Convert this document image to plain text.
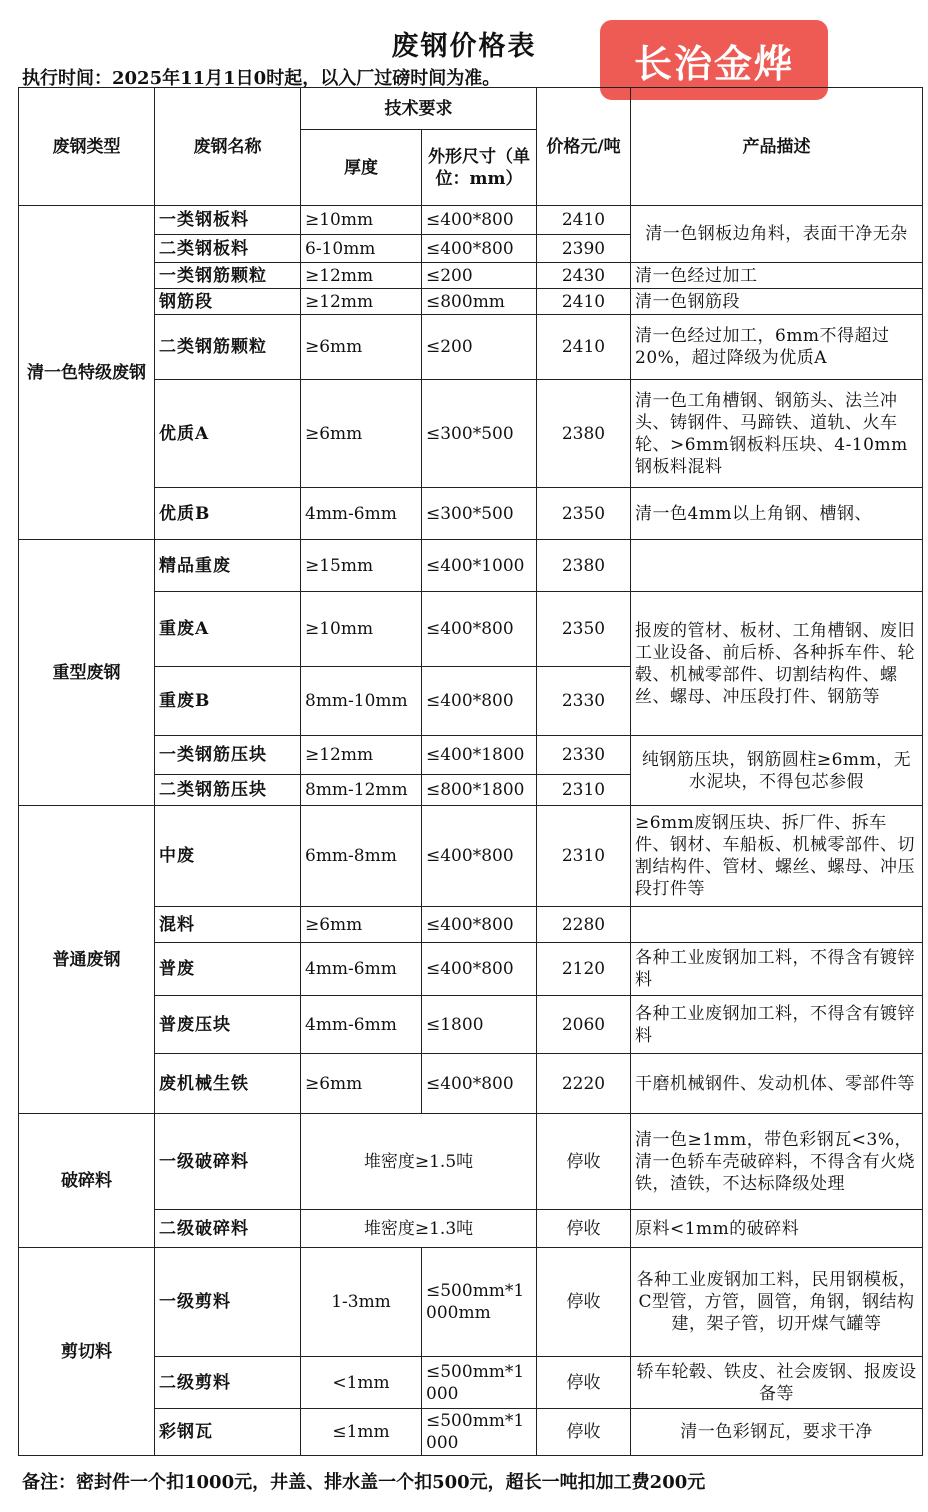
废钢价格表
执行时间：2025年11月1日0时起，以入厂过磅时间为准。	长治金烨
废钢类型	废钢名称	技术要求		价格元/吨	产品描述
		厚度	外形尺寸（单位：mm）		
清一色特级废钢	一类钢板料	≥10mm	≤400*800	2410	清一色钢板边角料，表面干净无杂
	二类钢板料	6-10mm	≤400*800	2390	
	一类钢筋颗粒	≥12mm	≤200	2430	清一色经过加工
	钢筋段	≥12mm	≤800mm	2410	清一色钢筋段
	二类钢筋颗粒	≥6mm	≤200	2410	清一色经过加工，6mm不得超过20%，超过降级为优质A
	优质A	≥6mm	≤300*500	2380	清一色工角槽钢、钢筋头、法兰冲头、铸钢件、马蹄铁、道轨、火车轮、>6mm钢板料压块、4-10mm钢板料混料
	优质B	4mm-6mm	≤300*500	2350	清一色4mm以上角钢、槽钢、
重型废钢	精品重废	≥15mm	≤400*1000	2380	
	重废A	≥10mm	≤400*800	2350	报废的管材、板材、工角槽钢、废旧工业设备、前后桥、各种拆车件、轮毂、机械零部件、切割结构件、螺丝、螺母、冲压段打件、钢筋等
	重废B	8mm-10mm	≤400*800	2330	
	一类钢筋压块	≥12mm	≤400*1800	2330	纯钢筋压块，钢筋圆柱≥6mm，无水泥块，不得包芯参假
	二类钢筋压块	8mm-12mm	≤800*1800	2310	
普通废钢	中废	6mm-8mm	≤400*800	2310	≥6mm废钢压块、拆厂件、拆车件、钢材、车船板、机械零部件、切割结构件、管材、螺丝、螺母、冲压段打件等
	混料	≥6mm	≤400*800	2280	
	普废	4mm-6mm	≤400*800	2120	各种工业废钢加工料，不得含有镀锌料
	普废压块	4mm-6mm	≤1800	2060	各种工业废钢加工料，不得含有镀锌料
	废机械生铁	≥6mm	≤400*800	2220	干磨机械钢件、发动机体、零部件等
破碎料	一级破碎料	堆密度≥1.5吨		停收	清一色≥1mm，带色彩钢瓦<3%，清一色轿车壳破碎料，不得含有火烧铁，渣铁，不达标降级处理
	二级破碎料	堆密度≥1.3吨		停收	原料<1mm的破碎料
剪切料	一级剪料	1-3mm	≤500mm*1000mm	停收	各种工业废钢加工料，民用钢模板，C型管，方管，圆管，角钢，钢结构建，架子管，切开煤气罐等
	二级剪料	<1mm	≤500mm*1000	停收	轿车轮毂、铁皮、社会废钢、报废设备等
	彩钢瓦	≤1mm	≤500mm*1000	停收	清一色彩钢瓦，要求干净
备注：密封件一个扣1000元，井盖、排水盖一个扣500元，超长一吨扣加工费200元
